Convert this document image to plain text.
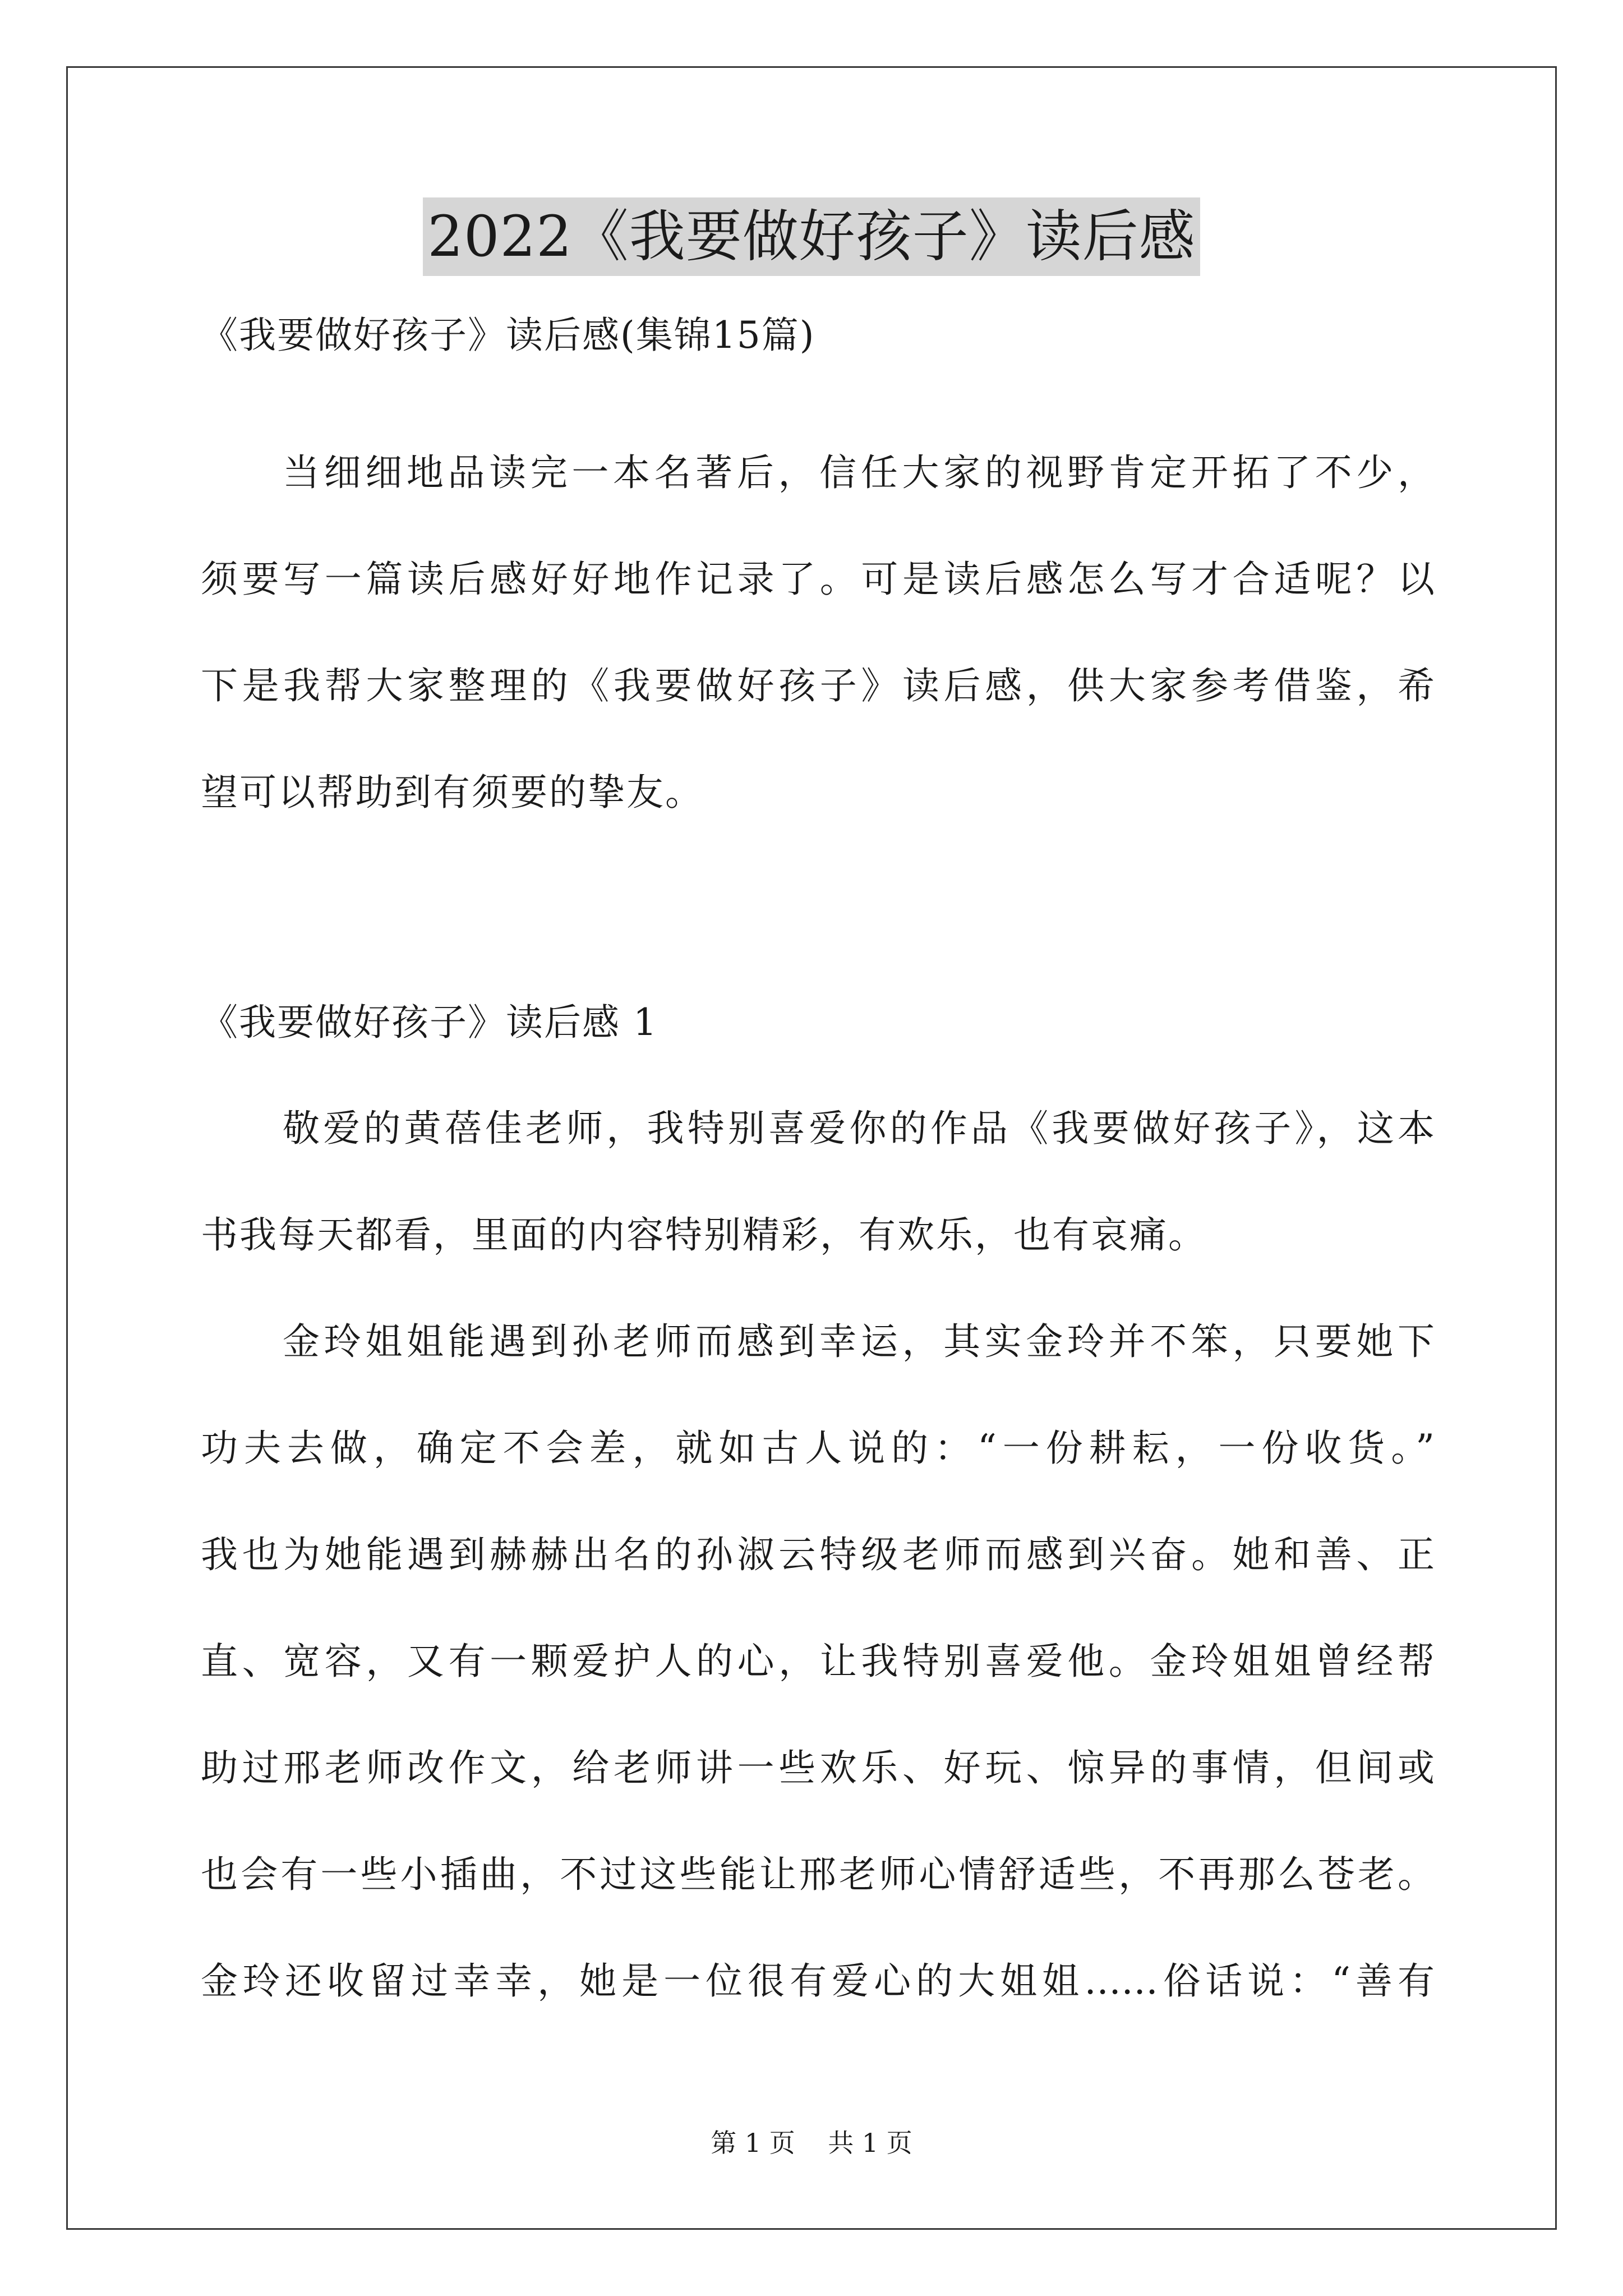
2022《我要做好孩子》读后感
《我要做好孩子》读后感(集锦15篇)
当细细地品读完一本名著后，信任大家的视野肯定开拓了不少，
须要写一篇读后感好好地作记录了。可是读后感怎么写才合适呢？以
下是我帮大家整理的《我要做好孩子》读后感，供大家参考借鉴，希
望可以帮助到有须要的挚友。
《我要做好孩子》读后感 1
敬爱的黄蓓佳老师，我特别喜爱你的作品《我要做好孩子》，这本
书我每天都看，里面的内容特别精彩，有欢乐，也有哀痛。
金玲姐姐能遇到孙老师而感到幸运，其实金玲并不笨，只要她下
功夫去做，确定不会差，就如古人说的：“一份耕耘，一份收货。”
我也为她能遇到赫赫出名的孙淑云特级老师而感到兴奋。她和善、正
直、宽容，又有一颗爱护人的心，让我特别喜爱他。金玲姐姐曾经帮
助过邢老师改作文，给老师讲一些欢乐、好玩、惊异的事情，但间或
也会有一些小插曲，不过这些能让邢老师心情舒适些，不再那么苍老。
金玲还收留过幸幸，她是一位很有爱心的大姐姐……俗话说：“善有
第 1 页 共 1 页
